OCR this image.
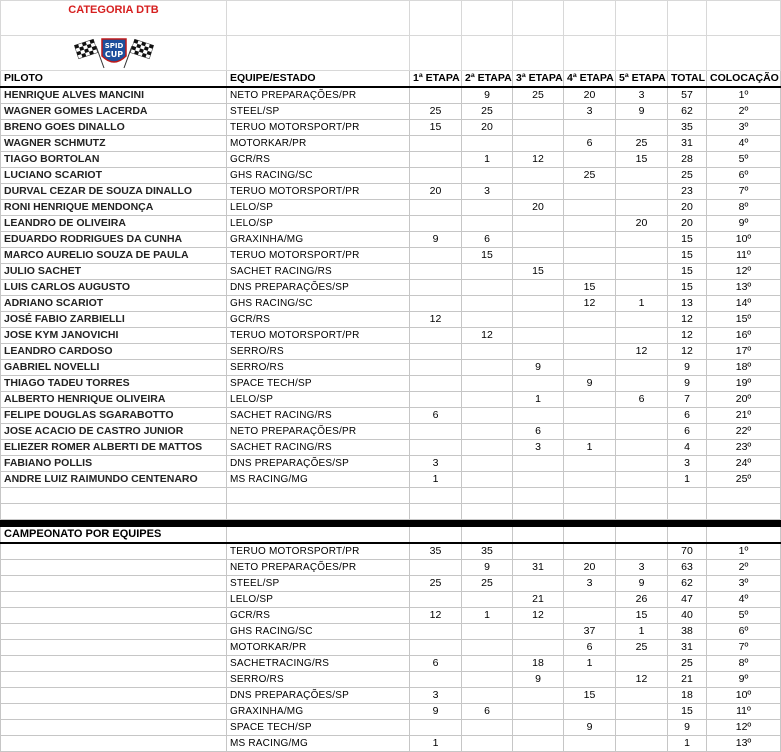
CATEGORIA DTB								

SPID
CUP								

PILOTO	EQUIPE/ESTADO	1ª ETAPA	2ª ETAPA	3ª ETAPA	4ª ETAPA	5ª ETAPA	TOTAL	COLOCAÇÃO
HENRIQUE ALVES MANCINI	NETO PREPARAÇÕES/PR		9	25	20	3	57	1º
WAGNER GOMES LACERDA	STEEL/SP	25	25		3	9	62	2º
BRENO GOES DINALLO	TERUO MOTORSPORT/PR	15	20				35	3º
WAGNER SCHMUTZ	MOTORKAR/PR				6	25	31	4º
TIAGO BORTOLAN	GCR/RS		1	12		15	28	5º
LUCIANO SCARIOT	GHS RACING/SC				25		25	6º
DURVAL CEZAR DE SOUZA DINALLO	TERUO MOTORSPORT/PR	20	3				23	7º
RONI HENRIQUE MENDONÇA	LELO/SP			20			20	8º
LEANDRO DE OLIVEIRA	LELO/SP					20	20	9º
EDUARDO RODRIGUES DA CUNHA	GRAXINHA/MG	9	6				15	10º
MARCO AURELIO SOUZA DE PAULA	TERUO MOTORSPORT/PR		15				15	11º
JULIO SACHET	SACHET RACING/RS			15			15	12º
LUIS CARLOS AUGUSTO	DNS PREPARAÇÕES/SP				15		15	13º
ADRIANO SCARIOT	GHS RACING/SC				12	1	13	14º
JOSÉ FABIO ZARBIELLI	GCR/RS	12					12	15º
JOSE KYM JANOVICHI	TERUO MOTORSPORT/PR		12				12	16º
LEANDRO CARDOSO	SERRO/RS					12	12	17º
GABRIEL NOVELLI	SERRO/RS			9			9	18º
THIAGO TADEU TORRES	SPACE TECH/SP				9		9	19º
ALBERTO HENRIQUE OLIVEIRA	LELO/SP			1		6	7	20º
FELIPE DOUGLAS SGARABOTTO	SACHET RACING/RS	6					6	21º
JOSE ACACIO DE CASTRO JUNIOR	NETO PREPARAÇÕES/PR			6			6	22º
ELIEZER ROMER ALBERTI DE MATTOS	SACHET RACING/RS			3	1		4	23º
FABIANO POLLIS	DNS PREPARAÇÕES/SP	3					3	24º
ANDRE LUIZ RAIMUNDO CENTENARO	MS RACING/MG	1					1	25º

CAMPEONATO POR EQUIPES								
	TERUO MOTORSPORT/PR	35	35				70	1º
	NETO PREPARAÇÕES/PR		9	31	20	3	63	2º
	STEEL/SP	25	25		3	9	62	3º
	LELO/SP			21		26	47	4º
	GCR/RS	12	1	12		15	40	5º
	GHS RACING/SC				37	1	38	6º
	MOTORKAR/PR				6	25	31	7º
	SACHETRACING/RS	6		18	1		25	8º
	SERRO/RS			9		12	21	9º
	DNS PREPARAÇÕES/SP	3			15		18	10º
	GRAXINHA/MG	9	6				15	11º
	SPACE TECH/SP				9		9	12º
	MS RACING/MG	1					1	13º
